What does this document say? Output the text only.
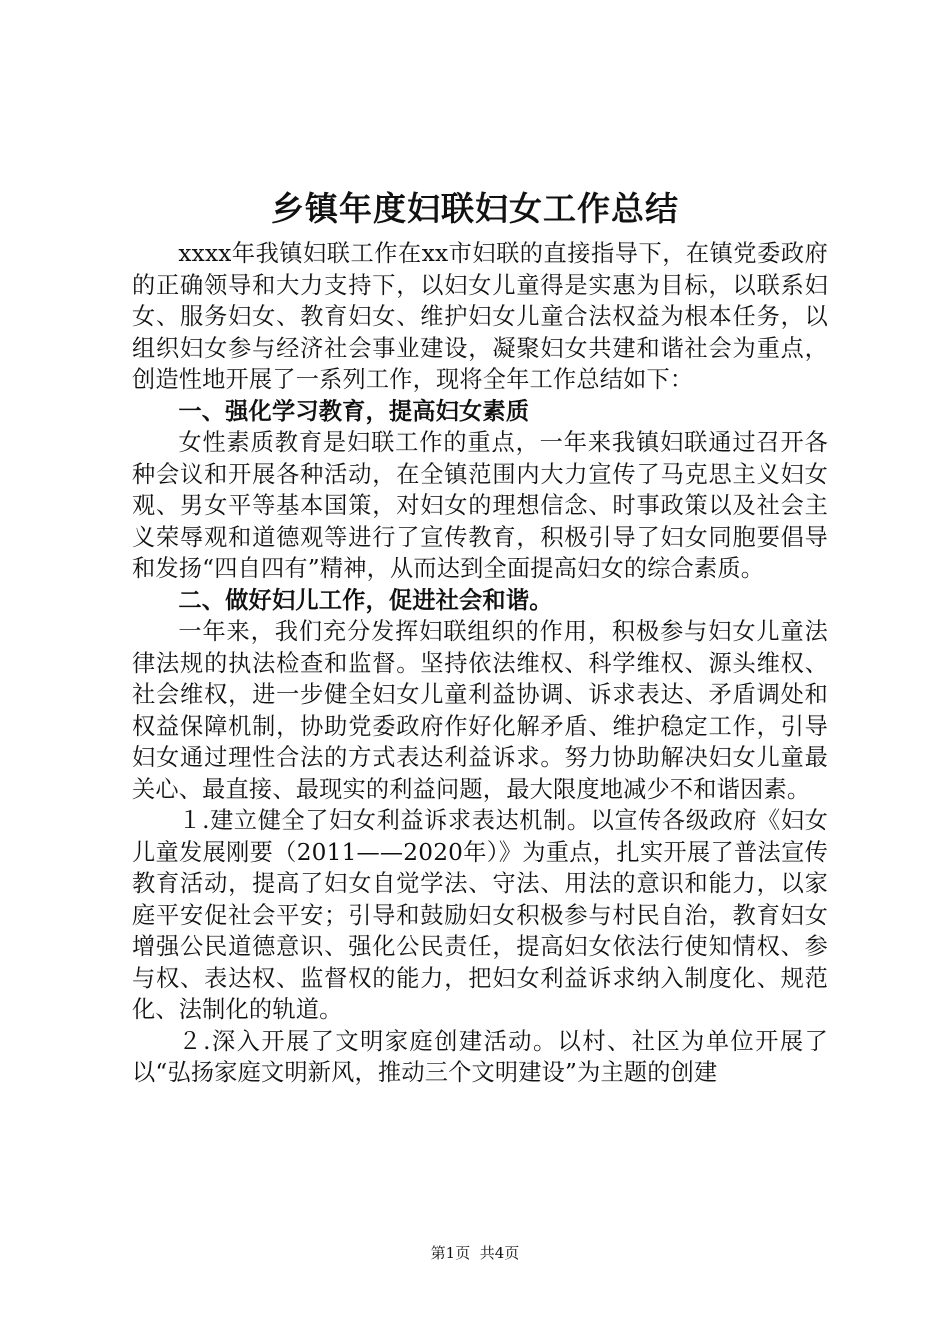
乡镇年度妇联妇女工作总结

xxxx年我镇妇联工作在xx市妇联的直接指导下，在镇党委政府的正确领导和大力支持下，以妇女儿童得是实惠为目标，以联系妇女、服务妇女、教育妇女、维护妇女儿童合法权益为根本任务，以组织妇女参与经济社会事业建设，凝聚妇女共建和谐社会为重点，创造性地开展了一系列工作，现将全年工作总结如下：

一、强化学习教育，提高妇女素质

女性素质教育是妇联工作的重点，一年来我镇妇联通过召开各种会议和开展各种活动，在全镇范围内大力宣传了马克思主义妇女观、男女平等基本国策，对妇女的理想信念、时事政策以及社会主义荣辱观和道德观等进行了宣传教育，积极引导了妇女同胞要倡导和发扬“四自四有”精神，从而达到全面提高妇女的综合素质。

二、做好妇儿工作，促进社会和谐。

一年来，我们充分发挥妇联组织的作用，积极参与妇女儿童法律法规的执法检查和监督。坚持依法维权、科学维权、源头维权、社会维权，进一步健全妇女儿童利益协调、诉求表达、矛盾调处和权益保障机制，协助党委政府作好化解矛盾、维护稳定工作，引导妇女通过理性合法的方式表达利益诉求。努力协助解决妇女儿童最关心、最直接、最现实的利益问题，最大限度地减少不和谐因素。

１.建立健全了妇女利益诉求表达机制。以宣传各级政府《妇女儿童发展刚要（2011——2020年）》为重点，扎实开展了普法宣传教育活动，提高了妇女自觉学法、守法、用法的意识和能力，以家庭平安促社会平安；引导和鼓励妇女积极参与村民自治，教育妇女增强公民道德意识、强化公民责任，提高妇女依法行使知情权、参与权、表达权、监督权的能力，把妇女利益诉求纳入制度化、规范化、法制化的轨道。

２.深入开展了文明家庭创建活动。以村、社区为单位开展了以“弘扬家庭文明新风，推动三个文明建设”为主题的创建

第1页 共4页
